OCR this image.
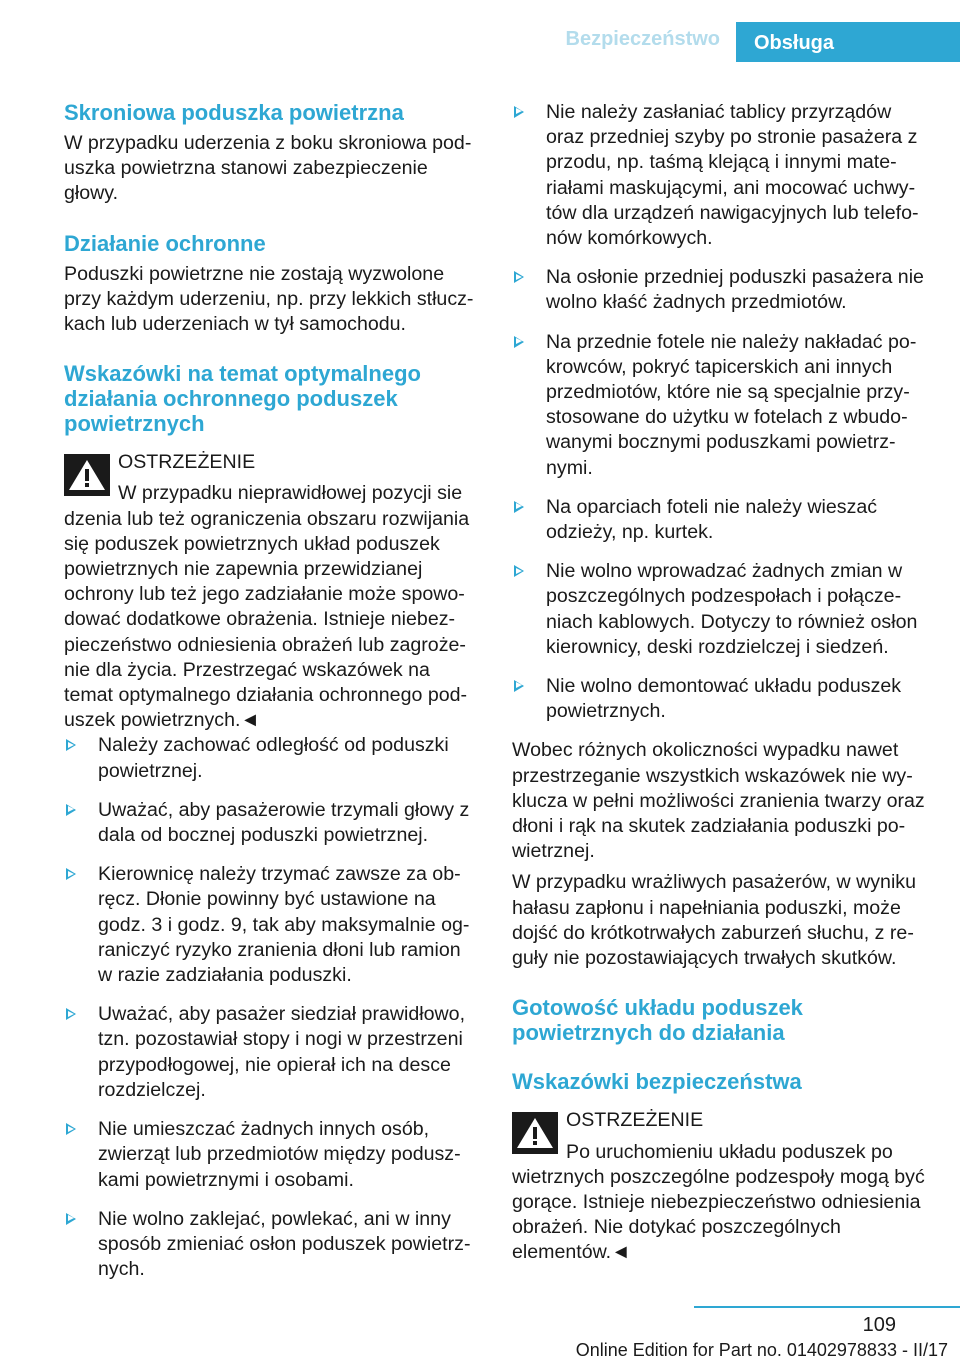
Bezpieczeństwo	Obsługa
Skroniowa poduszka powietrzna

W przypadku uderzenia z boku skroniowa poduszka powietrzna stanowi zabezpieczenie głowy.

Działanie ochronne

Poduszki powietrzne nie zostają wyzwolone przy każdym uderzeniu, np. przy lekkich stłuczkach lub uderzeniach w tył samochodu.

Wskazówki na temat optymalnego działania ochronnego poduszek powietrznych
OSTRZEŻENIE
W przypadku nieprawidłowej pozycji sie
dzenia lub też ograniczenia obszaru rozwijania się poduszek powietrznych układ poduszek powietrznych nie zapewnia przewidzianej ochrony lub też jego zadziałanie może spowodować dodatkowe obrażenia. Istnieje niebezpieczeństwo odniesienia obrażeń lub zagrożenie dla życia. Przestrzegać wskazówek na temat optymalnego działania ochronnego poduszek powietrznych.◄
Należy zachować odległość od poduszki powietrznej.
Uważać, aby pasażerowie trzymali głowy z dala od bocznej poduszki powietrznej.
Kierownicę należy trzymać zawsze za obręcz. Dłonie powinny być ustawione na godz. 3 i godz. 9, tak aby maksymalnie ograniczyć ryzyko zranienia dłoni lub ramion w razie zadziałania poduszki.
Uważać, aby pasażer siedział prawidłowo, tzn. pozostawiał stopy i nogi w przestrzeni przypodłogowej, nie opierał ich na desce rozdzielczej.
Nie umieszczać żadnych innych osób, zwierząt lub przedmiotów między poduszkami powietrznymi i osobami.
Nie wolno zaklejać, powlekać, ani w inny sposób zmieniać osłon poduszek powietrznych.
Nie należy zasłaniać tablicy przyrządów oraz przedniej szyby po stronie pasażera z przodu, np. taśmą klejącą i innymi materiałami maskującymi, ani mocować uchwytów dla urządzeń nawigacyjnych lub telefonów komórkowych.
Na osłonie przedniej poduszki pasażera nie wolno kłaść żadnych przedmiotów.
Na przednie fotele nie należy nakładać pokrowców, pokryć tapicerskich ani innych przedmiotów, które nie są specjalnie przystosowane do użytku w fotelach z wbudowanymi bocznymi poduszkami powietrznymi.
Na oparciach foteli nie należy wieszać odzieży, np. kurtek.
Nie wolno wprowadzać żadnych zmian w poszczególnych podzespołach i połączeniach kablowych. Dotyczy to również osłon kierownicy, deski rozdzielczej i siedzeń.
Nie wolno demontować układu poduszek powietrznych.

Wobec różnych okoliczności wypadku nawet przestrzeganie wszystkich wskazówek nie wyklucza w pełni możliwości zranienia twarzy oraz dłoni i rąk na skutek zadziałania poduszki powietrznej.

W przypadku wrażliwych pasażerów, w wyniku hałasu zapłonu i napełniania poduszki, może dojść do krótkotrwałych zaburzeń słuchu, z reguły nie pozostawiających trwałych skutków.

Gotowość układu poduszek powietrznych do działania
Wskazówki bezpieczeństwa
OSTRZEŻENIE
Po uruchomieniu układu poduszek po
wietrznych poszczególne podzespoły mogą być gorące. Istnieje niebezpieczeństwo odniesienia obrażeń. Nie dotykać poszczególnych elementów.◄
109
Online Edition for Part no. 01402978833 - II/17
